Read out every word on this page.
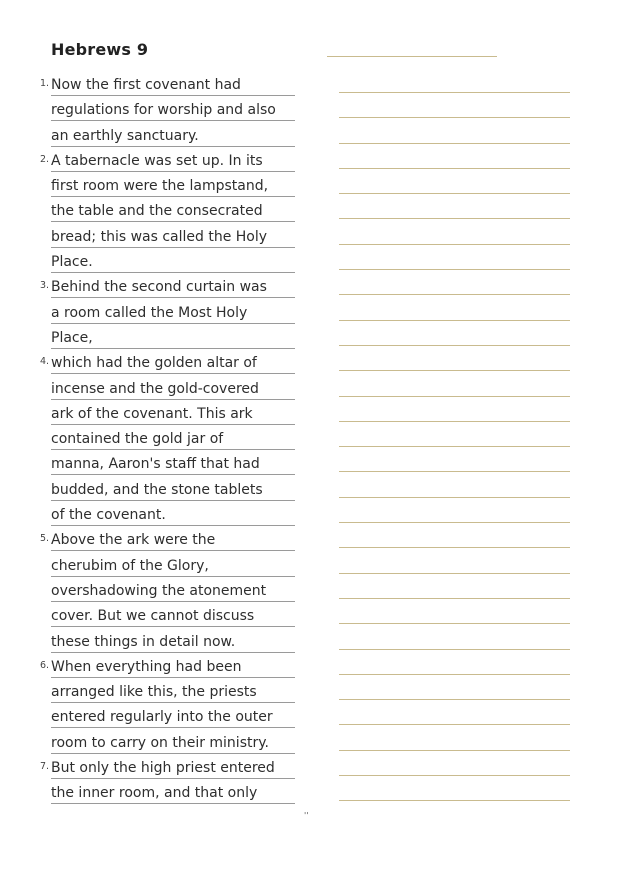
Hebrews 9
1. Now the first covenant had
regulations for worship and also
an earthly sanctuary.
2. A tabernacle was set up. In its
first room were the lampstand,
the table and the consecrated
bread; this was called the Holy
Place.
3. Behind the second curtain was
a room called the Most Holy
Place,
4. which had the golden altar of
incense and the gold-covered
ark of the covenant. This ark
contained the gold jar of
manna, Aaron's staff that had
budded, and the stone tablets
of the covenant.
5. Above the ark were the
cherubim of the Glory,
overshadowing the atonement
cover. But we cannot discuss
these things in detail now.
6. When everything had been
arranged like this, the priests
entered regularly into the outer
room to carry on their ministry.
7. But only the high priest entered
the inner room, and that only
''
